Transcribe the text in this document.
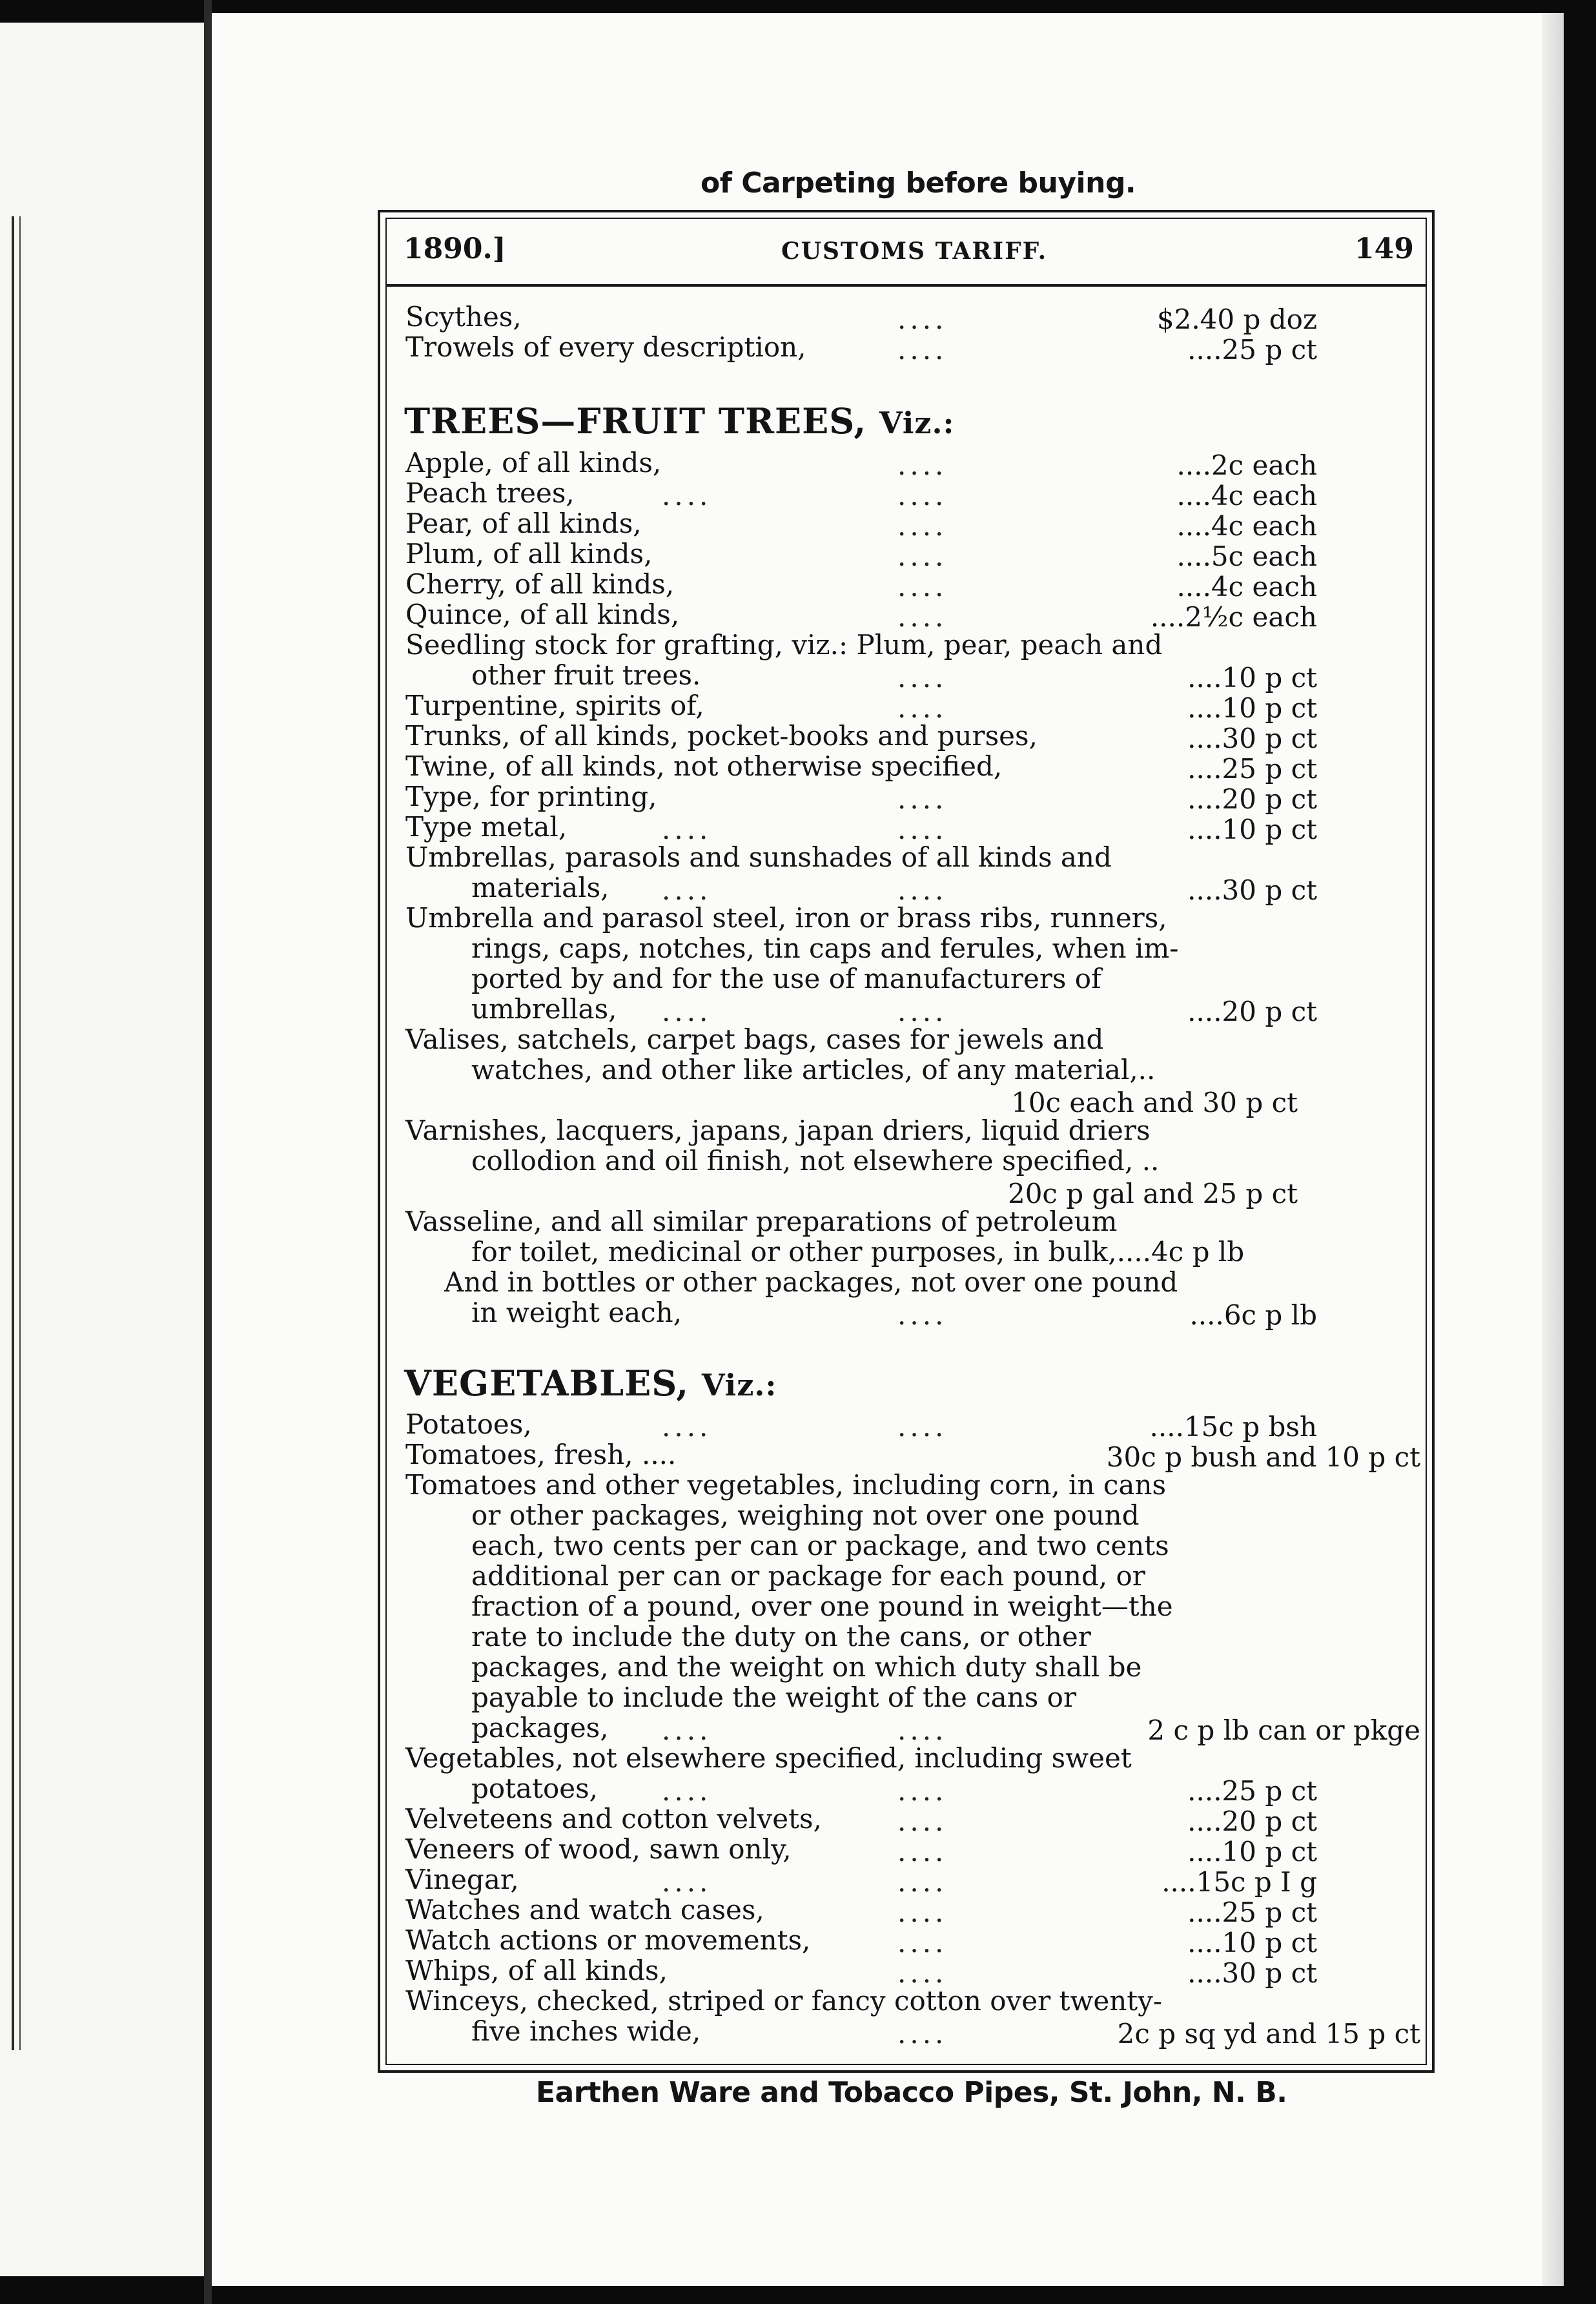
of Carpeting before buying.
1890.]	CUSTOMS TARIFF.	149
Scythes,	....	$2.40 p doz
Trowels of every description,	....	....25 p ct
TREES—FRUIT TREES, Viz.:
Apple, of all kinds,	....	....2c each
Peach trees,	....	....	....4c each
Pear, of all kinds,	....	....4c each
Plum, of all kinds,	....	....5c each
Cherry, of all kinds,	....	....4c each
Quince, of all kinds,	....	....2½c each
Seedling stock for grafting, viz.: Plum, pear, peach and
other fruit trees.	....	....10 p ct
Turpentine, spirits of,	....	....10 p ct
Trunks, of all kinds, pocket-books and purses,	....30 p ct
Twine, of all kinds, not otherwise specified,	....25 p ct
Type, for printing,	....	....20 p ct
Type metal,	....	....	....10 p ct
Umbrellas, parasols and sunshades of all kinds and
materials, ....	....	....30 p ct
Umbrella and parasol steel, iron or brass ribs, runners,
rings, caps, notches, tin caps and ferules, when im-
ported by and for the use of manufacturers of
umbrellas, ....	....	....20 p ct
Valises, satchels, carpet bags, cases for jewels and
watches, and other like articles, of any material,..
10c each and 30 p ct
Varnishes, lacquers, japans, japan driers, liquid driers
collodion and oil finish, not elsewhere specified, ..
20c p gal and 25 p ct
Vasseline, and all similar preparations of petroleum
for toilet, medicinal or other purposes, in bulk,....4c p lb
And in bottles or other packages, not over one pound
in weight each,	....	....6c p lb
VEGETABLES, Viz.:
Potatoes,	....	....	....15c p bsh
Tomatoes, fresh, ....	30c p bush and 10 p ct
Tomatoes and other vegetables, including corn, in cans
or other packages, weighing not over one pound
each, two cents per can or package, and two cents
additional per can or package for each pound, or
fraction of a pound, over one pound in weight—the
rate to include the duty on the cans, or other
packages, and the weight on which duty shall be
payable to include the weight of the cans or
packages, ....	....	2 c p lb can or pkge
Vegetables, not elsewhere specified, including sweet
potatoes, ....	....	....25 p ct
Velveteens and cotton velvets,	....	....20 p ct
Veneers of wood, sawn only,	....	....10 p ct
Vinegar,	....	....	....15c p I g
Watches and watch cases,	....	....25 p ct
Watch actions or movements,	....	....10 p ct
Whips, of all kinds,	....	....30 p ct
Winceys, checked, striped or fancy cotton over twenty-
five inches wide,	....	2c p sq yd and 15 p ct
Earthen Ware and Tobacco Pipes, St. John, N. B.
